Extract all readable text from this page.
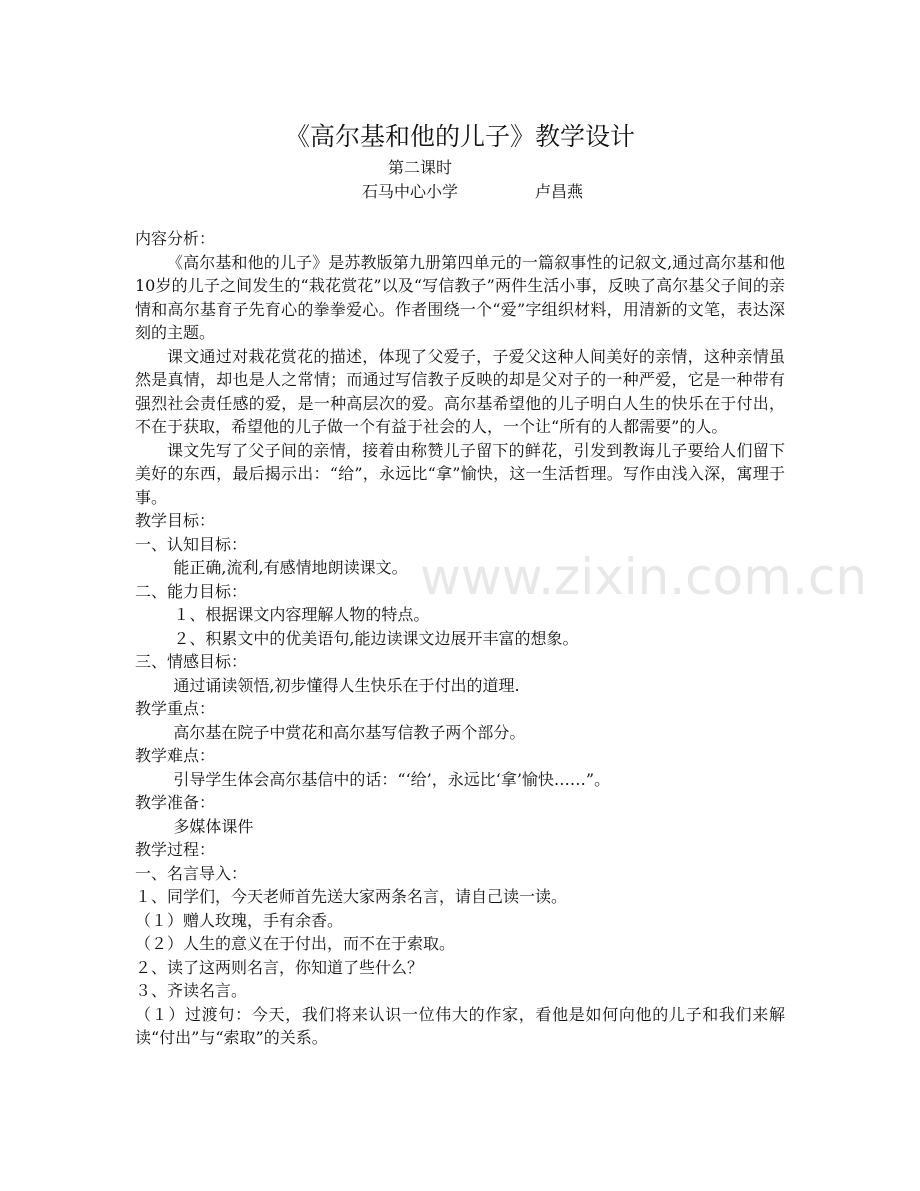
《高尔基和他的儿子》教学设计
第二课时
石马中心小学	卢昌燕

内容分析：

《高尔基和他的儿子》是苏教版第九册第四单元的一篇叙事性的记叙文,通过高尔基和他10岁的儿子之间发生的“栽花赏花”以及“写信教子”两件生活小事，反映了高尔基父子间的亲情和高尔基育子先育心的拳拳爱心。作者围绕一个“爱”字组织材料，用清新的文笔，表达深刻的主题。

课文通过对栽花赏花的描述，体现了父爱子，子爱父这种人间美好的亲情，这种亲情虽然是真情，却也是人之常情；而通过写信教子反映的却是父对子的一种严爱，它是一种带有强烈社会责任感的爱，是一种高层次的爱。高尔基希望他的儿子明白人生的快乐在于付出，不在于获取，希望他的儿子做一个有益于社会的人，一个让“所有的人都需要”的人。

课文先写了父子间的亲情，接着由称赞儿子留下的鲜花，引发到教诲儿子要给人们留下美好的东西，最后揭示出：“给”，永远比“拿”愉快，这一生活哲理。写作由浅入深，寓理于事。

教学目标：

一、认知目标：

能正确,流利,有感情地朗读课文。

二、能力目标：

１、根据课文内容理解人物的特点。

２、积累文中的优美语句,能边读课文边展开丰富的想象。

三、情感目标：

通过诵读领悟,初步懂得人生快乐在于付出的道理.

教学重点：

高尔基在院子中赏花和高尔基写信教子两个部分。

教学难点：

引导学生体会高尔基信中的话：“‘给’，永远比‘拿’愉快……”。

教学准备：

多媒体课件

教学过程：

一、名言导入：

１、同学们，今天老师首先送大家两条名言，请自己读一读。

（１）赠人玫瑰，手有余香。

（２）人生的意义在于付出，而不在于索取。

２、读了这两则名言，你知道了些什么？

３、齐读名言。

（１）过渡句：今天，我们将来认识一位伟大的作家，看他是如何向他的儿子和我们来解读“付出”与“索取”的关系。

www.zixin.com.cn
